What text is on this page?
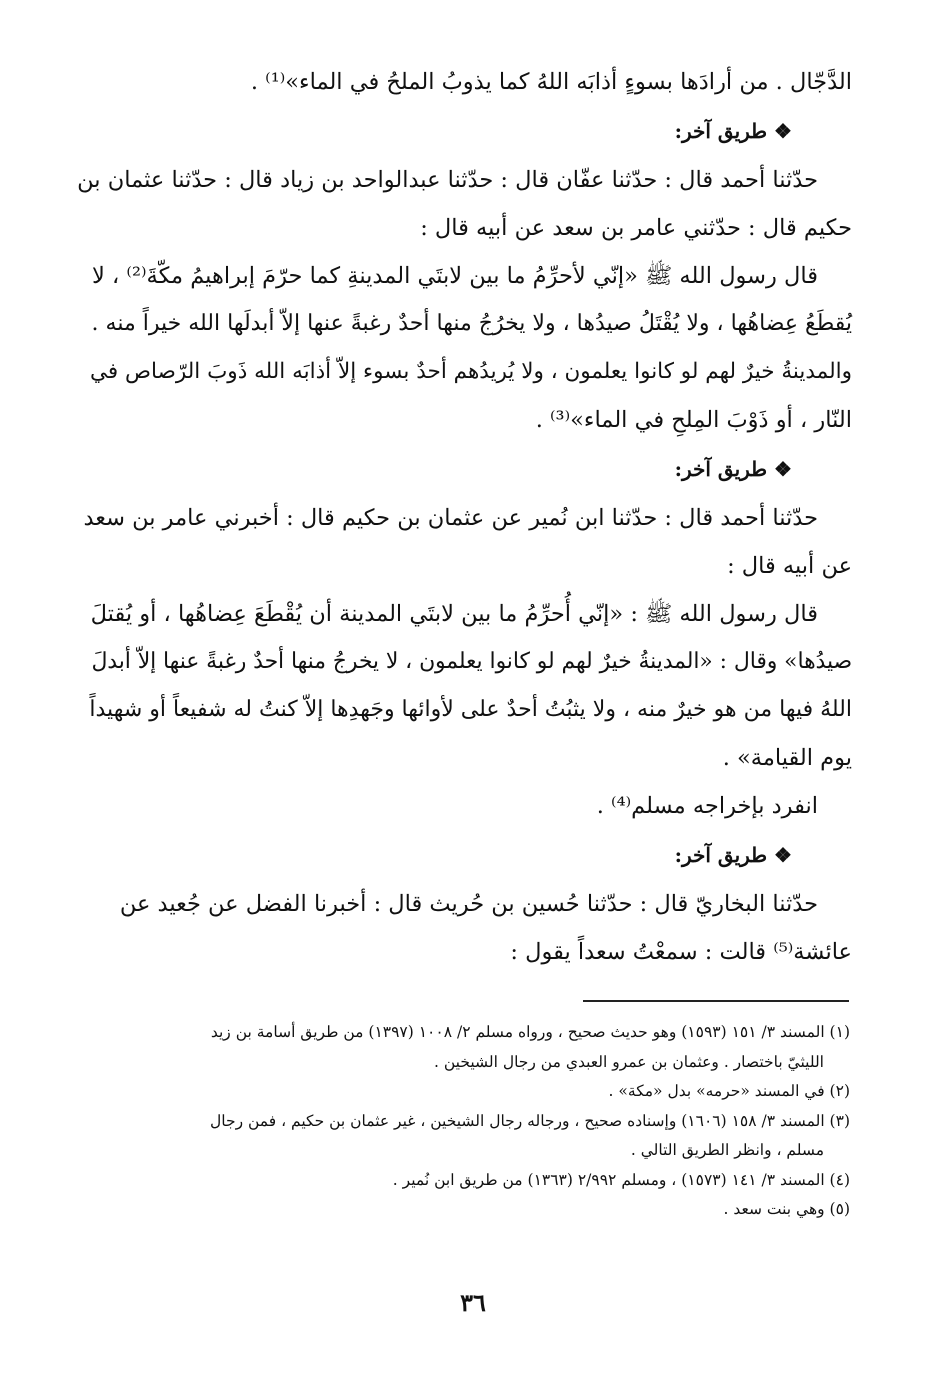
الدَّجّال . من أرادَها بسوءٍ أذابَه اللهُ كما يذوبُ الملحُ في الماء»⁽¹⁾ .
❖ طريق آخر:
حدّثنا أحمد قال : حدّثنا عفّان قال : حدّثنا عبدالواحد بن زياد قال : حدّثنا عثمان بن
حكيم قال : حدّثني عامر بن سعد عن أبيه قال :
قال رسول الله ﷺ «إنّي لأحرِّمُ ما بين لابتَي المدينةِ كما حرّمَ إبراهيمُ مكّةَ⁽²⁾ ، لا
يُقطَعُ عِضاهُها ، ولا يُقْتَلُ صيدُها ، ولا يخرُجُ منها أحدٌ رغبةً عنها إلاّ أبدلَها الله خيراً منه .
والمدينةُ خيرٌ لهم لو كانوا يعلمون ، ولا يُريدُهم أحدٌ بسوء إلاّ أذابَه الله ذَوبَ الرّصاص في
النّار ، أو ذَوْبَ المِلحِ في الماء»⁽³⁾ .
❖ طريق آخر:
حدّثنا أحمد قال : حدّثنا ابن نُمير عن عثمان بن حكيم قال : أخبرني عامر بن سعد
عن أبيه قال :
قال رسول الله ﷺ : «إنّي أُحرِّمُ ما بين لابتَي المدينة أن يُقْطَعَ عِضاهُها ، أو يُقتلَ
صيدُها» وقال : «المدينةُ خيرٌ لهم لو كانوا يعلمون ، لا يخرجُ منها أحدٌ رغبةً عنها إلاّ أبدلَ
اللهُ فيها من هو خيرٌ منه ، ولا يثبُتُ أحدٌ على لأوائها وجَهدِها إلاّ كنتُ له شفيعاً أو شهيداً
يوم القيامة» .
انفرد بإخراجه مسلم⁽⁴⁾ .
❖ طريق آخر:
حدّثنا البخاريّ قال : حدّثنا حُسين بن حُريث قال : أخبرنا الفضل عن جُعيد عن
عائشة⁽⁵⁾ قالت : سمعْتُ سعداً يقول :
(١) المسند ٣/ ١٥١ (١٥٩٣) وهو حديث صحيح ، ورواه مسلم ٢/ ١٠٠٨ (١٣٩٧) من طريق أسامة بن زيد
الليثيّ باختصار . وعثمان بن عمرو العبدي من رجال الشيخين .
(٢) في المسند «حرمه» بدل «مكة» .
(٣) المسند ٣/ ١٥٨ (١٦٠٦) وإسناده صحيح ، ورجاله رجال الشيخين ، غير عثمان بن حكيم ، فمن رجال
مسلم ، وانظر الطريق التالي .
(٤) المسند ٣/ ١٤١ (١٥٧٣) ، ومسلم ٢/٩٩٢ (١٣٦٣) من طريق ابن نُمير .
(٥) وهي بنت سعد .
٣٦
